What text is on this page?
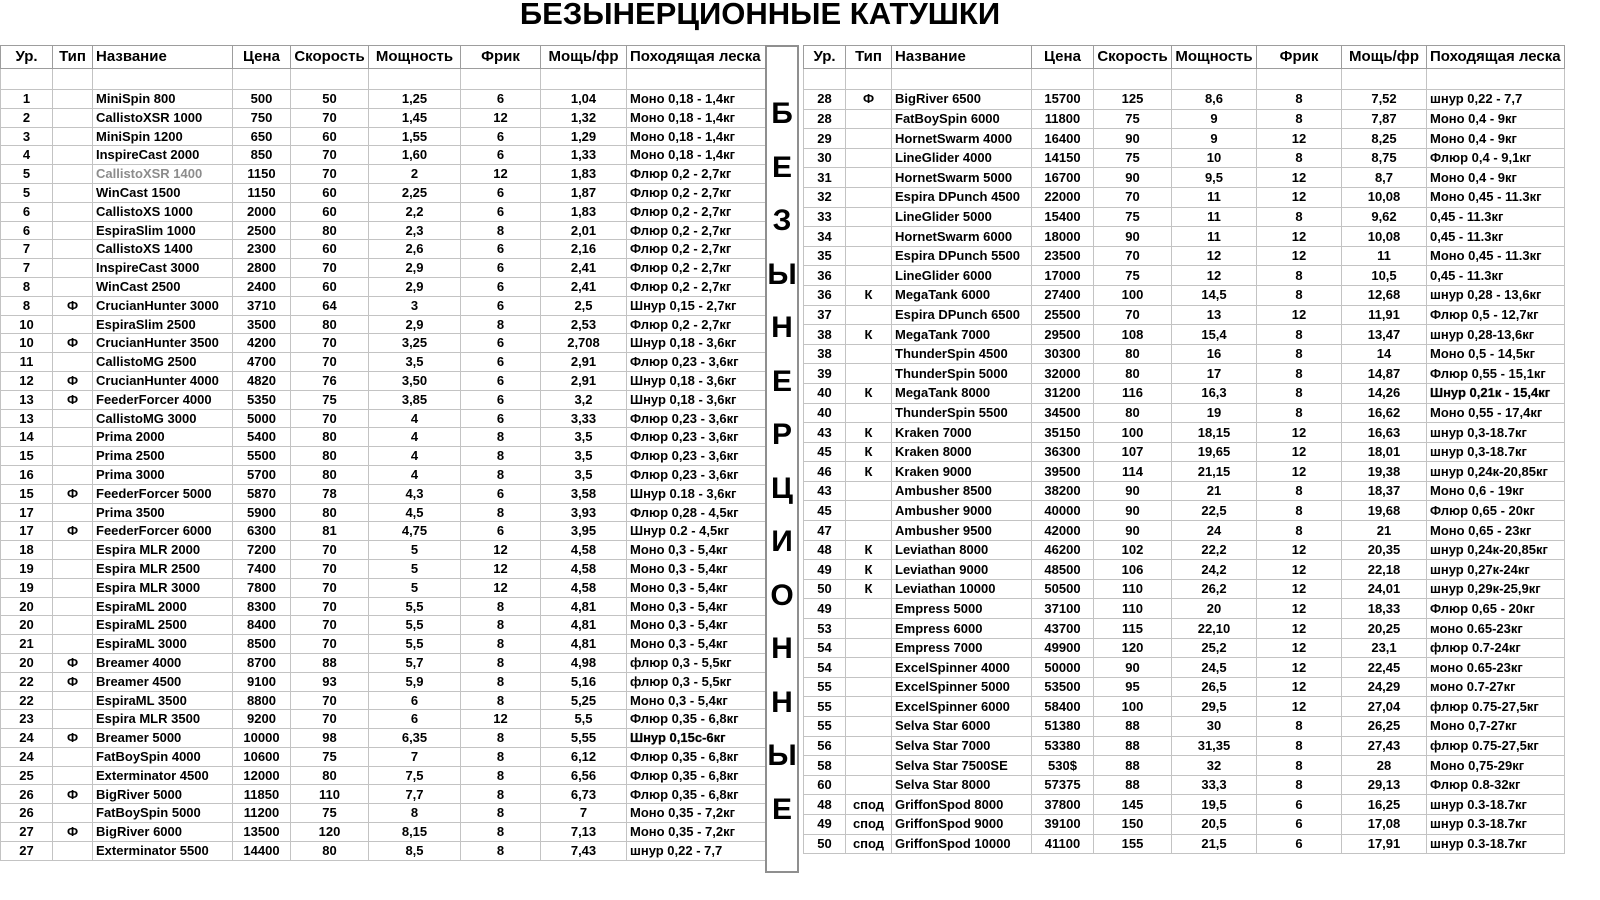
БЕЗЫНЕРЦИОННЫЕ КАТУШКИ
Ур.	Тип	Название	Цена	Скорость	Мощность	Фрик	Мощь/фр	Походящая леска

1		MiniSpin 800	500	50	1,25	6	1,04	Моно 0,18 - 1,4кг
2		CallistoXSR 1000	750	70	1,45	12	1,32	Моно 0,18 - 1,4кг
3		MiniSpin 1200	650	60	1,55	6	1,29	Моно 0,18 - 1,4кг
4		InspireCast 2000	850	70	1,60	6	1,33	Моно 0,18 - 1,4кг
5		CallistoXSR 1400	1150	70	2	12	1,83	Флюр 0,2 - 2,7кг
5		WinCast 1500	1150	60	2,25	6	1,87	Флюр 0,2 - 2,7кг
6		CallistoXS 1000	2000	60	2,2	6	1,83	Флюр 0,2 - 2,7кг
6		EspiraSlim 1000	2500	80	2,3	8	2,01	Флюр 0,2 - 2,7кг
7		CallistoXS 1400	2300	60	2,6	6	2,16	Флюр 0,2 - 2,7кг
7		InspireCast 3000	2800	70	2,9	6	2,41	Флюр 0,2 - 2,7кг
8		WinCast 2500	2400	60	2,9	6	2,41	Флюр 0,2 - 2,7кг
8	Ф	CrucianHunter 3000	3710	64	3	6	2,5	Шнур 0,15 - 2,7кг
10		EspiraSlim 2500	3500	80	2,9	8	2,53	Флюр 0,2 - 2,7кг
10	Ф	CrucianHunter 3500	4200	70	3,25	6	2,708	Шнур 0,18 - 3,6кг
11		CallistoMG 2500	4700	70	3,5	6	2,91	Флюр 0,23 - 3,6кг
12	Ф	CrucianHunter 4000	4820	76	3,50	6	2,91	Шнур 0,18 - 3,6кг
13	Ф	FeederForcer 4000	5350	75	3,85	6	3,2	Шнур 0,18 - 3,6кг
13		CallistoMG 3000	5000	70	4	6	3,33	Флюр 0,23 - 3,6кг
14		Prima 2000	5400	80	4	8	3,5	Флюр 0,23 - 3,6кг
15		Prima 2500	5500	80	4	8	3,5	Флюр 0,23 - 3,6кг
16		Prima 3000	5700	80	4	8	3,5	Флюр 0,23 - 3,6кг
15	Ф	FeederForcer 5000	5870	78	4,3	6	3,58	Шнур 0.18 - 3,6кг
17		Prima 3500	5900	80	4,5	8	3,93	Флюр 0,28 - 4,5кг
17	Ф	FeederForcer 6000	6300	81	4,75	6	3,95	Шнур 0.2 - 4,5кг
18		Espira MLR 2000	7200	70	5	12	4,58	Моно 0,3 - 5,4кг
19		Espira MLR 2500	7400	70	5	12	4,58	Моно 0,3 - 5,4кг
19		Espira MLR 3000	7800	70	5	12	4,58	Моно 0,3 - 5,4кг
20		EspiraML 2000	8300	70	5,5	8	4,81	Моно 0,3 - 5,4кг
20		EspiraML 2500	8400	70	5,5	8	4,81	Моно 0,3 - 5,4кг
21		EspiraML 3000	8500	70	5,5	8	4,81	Моно 0,3 - 5,4кг
20	Ф	Breamer 4000	8700	88	5,7	8	4,98	флюр 0,3 - 5,5кг
22	Ф	Breamer 4500	9100	93	5,9	8	5,16	флюр 0,3 - 5,5кг
22		EspiraML 3500	8800	70	6	8	5,25	Моно 0,3 - 5,4кг
23		Espira MLR 3500	9200	70	6	12	5,5	Флюр 0,35 - 6,8кг
24	Ф	Breamer 5000	10000	98	6,35	8	5,55	Шнур 0,15с-6кг
24		FatBoySpin 4000	10600	75	7	8	6,12	Флюр 0,35 - 6,8кг
25		Exterminator 4500	12000	80	7,5	8	6,56	Флюр 0,35 - 6,8кг
26	Ф	BigRiver 5000	11850	110	7,7	8	6,73	Флюр 0,35 - 6,8кг
26		FatBoySpin 5000	11200	75	8	8	7	Моно 0,35 - 7,2кг
27	Ф	BigRiver 6000	13500	120	8,15	8	7,13	Моно 0,35 - 7,2кг
27		Exterminator 5500	14400	80	8,5	8	7,43	шнур 0,22 - 7,7
Б
Е
З
Ы
Н
Е
Р
Ц
И
О
Н
Н
Ы
Е
Ур.	Тип	Название	Цена	Скорость	Мощность	Фрик	Мощь/фр	Походящая леска

28	Ф	BigRiver 6500	15700	125	8,6	8	7,52	шнур 0,22 - 7,7
28		FatBoySpin 6000	11800	75	9	8	7,87	Моно 0,4 - 9кг
29		HornetSwarm 4000	16400	90	9	12	8,25	Моно 0,4 - 9кг
30		LineGlider 4000	14150	75	10	8	8,75	Флюр 0,4 - 9,1кг
31		HornetSwarm 5000	16700	90	9,5	12	8,7	Моно 0,4 - 9кг
32		Espira DPunch 4500	22000	70	11	12	10,08	Моно 0,45 - 11.3кг
33		LineGlider 5000	15400	75	11	8	9,62	0,45 - 11.3кг
34		HornetSwarm 6000	18000	90	11	12	10,08	0,45 - 11.3кг
35		Espira DPunch 5500	23500	70	12	12	11	Моно 0,45 - 11.3кг
36		LineGlider 6000	17000	75	12	8	10,5	0,45 - 11.3кг
36	К	MegaTank 6000	27400	100	14,5	8	12,68	шнур 0,28 - 13,6кг
37		Espira DPunch 6500	25500	70	13	12	11,91	Флюр 0,5 - 12,7кг
38	К	MegaTank 7000	29500	108	15,4	8	13,47	шнур 0,28-13,6кг
38		ThunderSpin 4500	30300	80	16	8	14	Моно 0,5 - 14,5кг
39		ThunderSpin 5000	32000	80	17	8	14,87	Флюр 0,55 - 15,1кг
40	К	MegaTank 8000	31200	116	16,3	8	14,26	Шнур 0,21к - 15,4кг
40		ThunderSpin 5500	34500	80	19	8	16,62	Моно 0,55 - 17,4кг
43	К	Kraken 7000	35150	100	18,15	12	16,63	шнур 0,3-18.7кг
45	К	Kraken 8000	36300	107	19,65	12	18,01	шнур 0,3-18.7кг
46	К	Kraken 9000	39500	114	21,15	12	19,38	шнур 0,24к-20,85кг
43		Ambusher 8500	38200	90	21	8	18,37	Моно 0,6 - 19кг
45		Ambusher 9000	40000	90	22,5	8	19,68	Флюр 0,65 - 20кг
47		Ambusher 9500	42000	90	24	8	21	Моно 0,65 - 23кг
48	К	Leviathan 8000	46200	102	22,2	12	20,35	шнур 0,24к-20,85кг
49	К	Leviathan 9000	48500	106	24,2	12	22,18	шнур 0,27к-24кг
50	К	Leviathan 10000	50500	110	26,2	12	24,01	шнур 0,29к-25,9кг
49		Empress 5000	37100	110	20	12	18,33	Флюр 0,65 - 20кг
53		Empress 6000	43700	115	22,10	12	20,25	моно 0.65-23кг
54		Empress 7000	49900	120	25,2	12	23,1	флюр 0.7-24кг
54		ExcelSpinner 4000	50000	90	24,5	12	22,45	моно 0.65-23кг
55		ExcelSpinner 5000	53500	95	26,5	12	24,29	моно 0.7-27кг
55		ExcelSpinner 6000	58400	100	29,5	12	27,04	флюр 0.75-27,5кг
55		Selva Star 6000	51380	88	30	8	26,25	Моно 0,7-27кг
56		Selva Star 7000	53380	88	31,35	8	27,43	флюр 0.75-27,5кг
58		Selva Star 7500SE	530$	88	32	8	28	Моно 0,75-29кг
60		Selva Star 8000	57375	88	33,3	8	29,13	Флюр 0.8-32кг
48	спод	GriffonSpod 8000	37800	145	19,5	6	16,25	шнур 0.3-18.7кг
49	спод	GriffonSpod 9000	39100	150	20,5	6	17,08	шнур 0.3-18.7кг
50	спод	GriffonSpod 10000	41100	155	21,5	6	17,91	шнур 0.3-18.7кг
